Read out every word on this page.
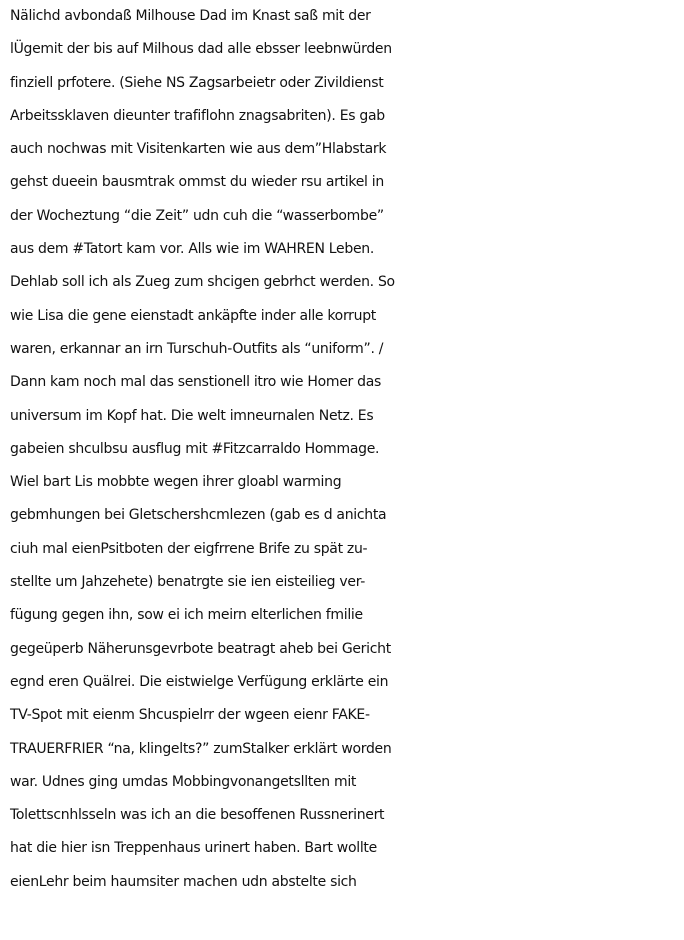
Nälichd avbondaß Milhouse Dad im Knast saß mit der
lÜgemit der bis auf Milhous dad alle ebsser leebnwürden
finziell prfotere. (Siehe NS Zagsarbeietr oder Zivildienst
Arbeitssklaven dieunter trafiflohn znagsabriten). Es gab
auch nochwas mit Visitenkarten wie aus dem”Hlabstark
gehst dueein bausmtrak ommst du wieder rsu artikel in
der Wocheztung “die Zeit” udn cuh die “wasserbombe”
aus dem #Tatort kam vor. Alls wie im WAHREN Leben.
Dehlab soll ich als Zueg zum shcigen gebrhct werden. So
wie Lisa die gene eienstadt ankäpfte inder alle korrupt
waren, erkannar an irn Turschuh-Outfits als “uniform”. /
Dann kam noch mal das senstionell itro wie Homer das
universum im Kopf hat. Die welt imneurnalen Netz. Es
gabeien shculbsu ausflug mit #Fitzcarraldo Hommage.
Wiel bart Lis mobbte wegen ihrer gloabl warming
gebmhungen bei Gletschershcmlezen (gab es d anichta
ciuh mal eienPsitboten der eigfrrene Brife zu spät zu-
stellte um Jahzehete) benatrgte sie ien eisteilieg ver-
fügung gegen ihn, sow ei ich meirn elterlichen fmilie
gegeüperb Näherunsgevrbote beatragt aheb bei Gericht
egnd eren Quälrei. Die eistwielge Verfügung erklärte ein
TV-Spot mit eienm Shcuspielrr der wgeen eienr FAKE-
TRAUERFRIER “na, klingelts?” zumStalker erklärt worden
war. Udnes ging umdas Mobbingvonangetsllten mit
Tolettscnhlsseln was ich an die besoffenen Russnerinert
hat die hier isn Treppenhaus urinert haben. Bart wollte
eienLehr beim haumsiter machen udn abstelte sich
